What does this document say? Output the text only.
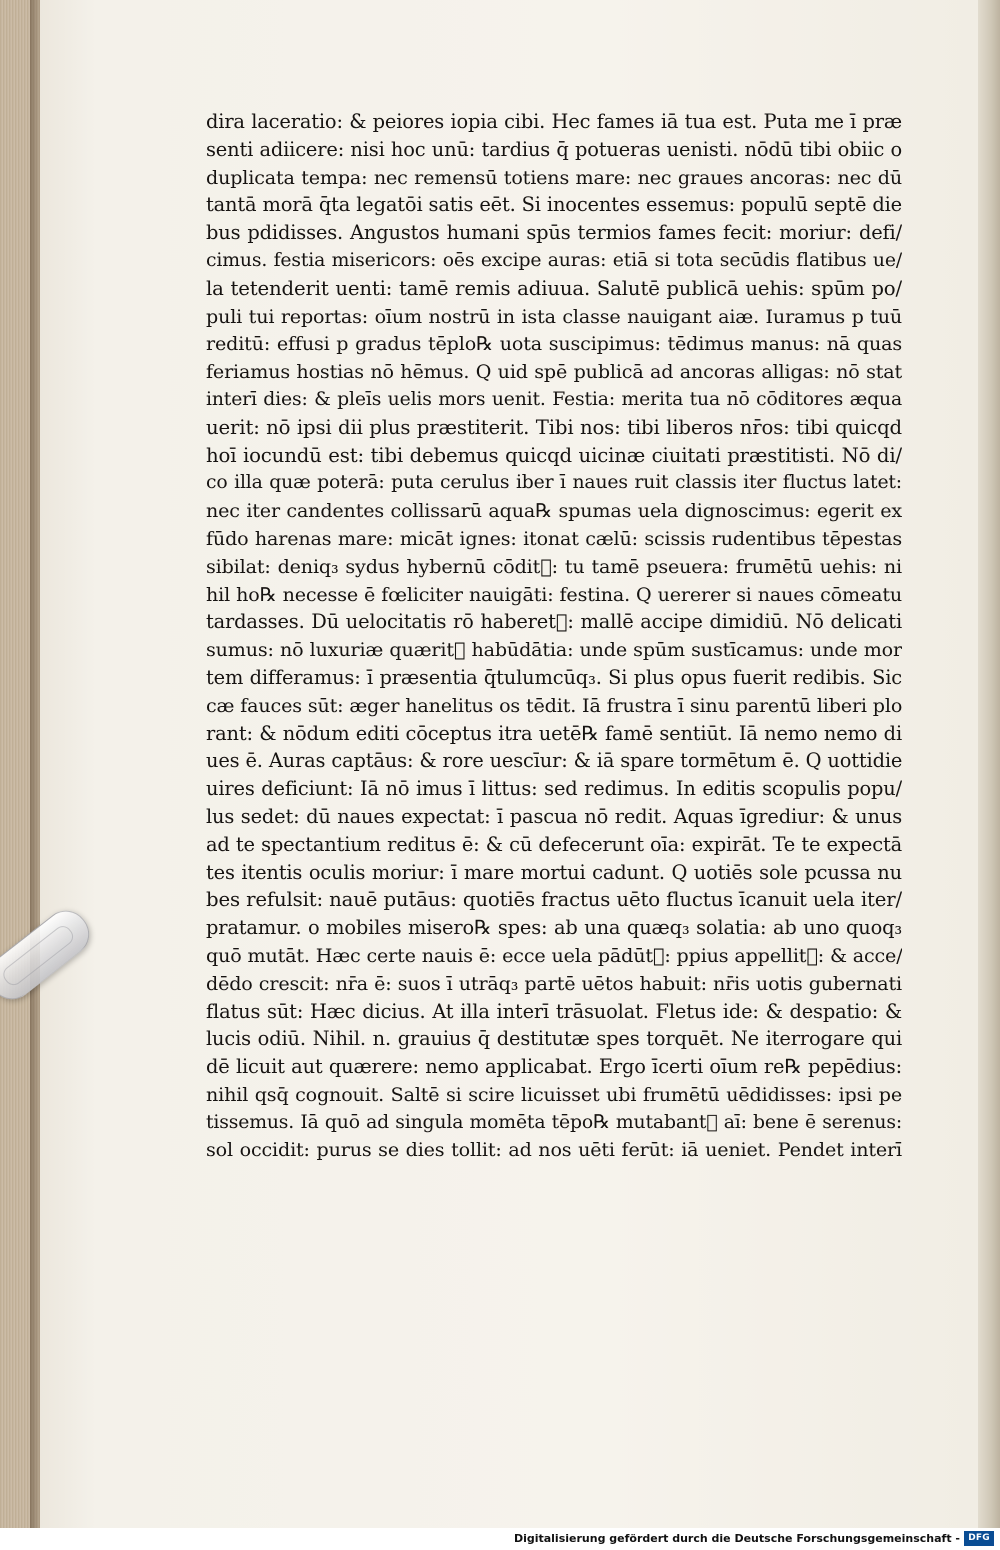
dira laceratio: & peiores iopia cibi. Hec fames iā tua est. Puta me ī præ
senti adiicere: nisi hoc unū: tardius q̄ potueras uenisti. nōdū tibi obiic o
duplicata tempa: nec remensū totiens mare: nec graues ancoras: nec dū
tantā morā q̄ta legatōi satis eēt. Si inocentes essemus: populū septē die
bus pdidisses. Angustos humani spūs termios fames fecit: moriur: defi/
cimus. festia misericors: oēs excipe auras: etiā si tota secūdis flatibus ue/
la tetenderit uenti: tamē remis adiuua. Salutē publicā uehis: spūm po/
puli tui reportas: oīum nostrū in ista classe nauigant aiæ. Iuramus p tuū
reditū: effusi p gradus tēplo℞ uota suscipimus: tēdimus manus: nā quas
feriamus hostias nō hēmus. Q uid spē publicā ad ancoras alligas: nō stat
interī dies: & pleīs uelis mors uenit. Festia: merita tua nō cōditores æqua
uerit: nō ipsi dii plus præstiterit. Tibi nos: tibi liberos nr̄os: tibi quicqd
hoī iocundū est: tibi debemus quicqd uicinæ ciuitati præstitisti. Nō di/
co illa quæ poterā: puta cerulus iber ī naues ruit classis iter fluctus latet:
nec iter candentes collissarū aqua℞ spumas uela dignoscimus: egerit ex
fūdo harenas mare: micāt ignes: itonat cælū: scissis rudentibus tēpestas
sibilat: deniq₃ sydus hybernū cōdit᷑: tu tamē pseuera: frumētū uehis: ni
hil ho℞ necesse ē fœliciter nauigāti: festina. Q uererer si naues cōmeatu
tardasses. Dū uelocitatis rō haberet᷑: mallē accipe dimidiū. Nō delicati
sumus: nō luxuriæ quærit᷑ habūdātia: unde spūm sustīcamus: unde mor
tem differamus: ī præsentia q̄tulumcūq₃. Si plus opus fuerit redibis. Sic
cæ fauces sūt: æger hanelitus os tēdit. Iā frustra ī sinu parentū liberi plo
rant: & nōdum editi cōceptus itra uetē℞ famē sentiūt. Iā nemo nemo di
ues ē. Auras captāus: & rore uescīur: & iā spare tormētum ē. Q uottidie
uires deficiunt: Iā nō imus ī littus: sed redimus. In editis scopulis popu/
lus sedet: dū naues expectat: ī pascua nō redit. Aquas īgrediur: & unus
ad te spectantium reditus ē: & cū defecerunt oīa: expirāt. Te te expectā
tes itentis oculis moriur: ī mare mortui cadunt. Q uotiēs sole pcussa nu
bes refulsit: nauē putāus: quotiēs fractus uēto fluctus īcanuit uela iter/
pratamur. o mobiles misero℞ spes: ab una quæq₃ solatia: ab uno quoq₃
quō mutāt. Hæc certe nauis ē: ecce uela pādūt᷑: ppius appellit᷑: & acce/
dēdo crescit: nr̄a ē: suos ī utrāq₃ partē uētos habuit: nr̄is uotis gubernati
flatus sūt: Hæc dicius. At illa interī trāsuolat. Fletus ide: & despatio: &
lucis odiū. Nihil. n. grauius q̄ destitutæ spes torquēt. Ne iterrogare qui
dē licuit aut quærere: nemo applicabat. Ergo īcerti oīum re℞ pepēdius:
nihil qsq̄ cognouit. Saltē si scire licuisset ubi frumētū uēdidisses: ipsi pe
tissemus. Iā quō ad singula momēta tēpo℞ mutabant᷑ aī: bene ē serenus:
sol occidit: purus se dies tollit: ad nos uēti ferūt: iā ueniet. Pendet interī
Digitalisierung gefördert durch die Deutsche Forschungsgemeinschaft - DFG
